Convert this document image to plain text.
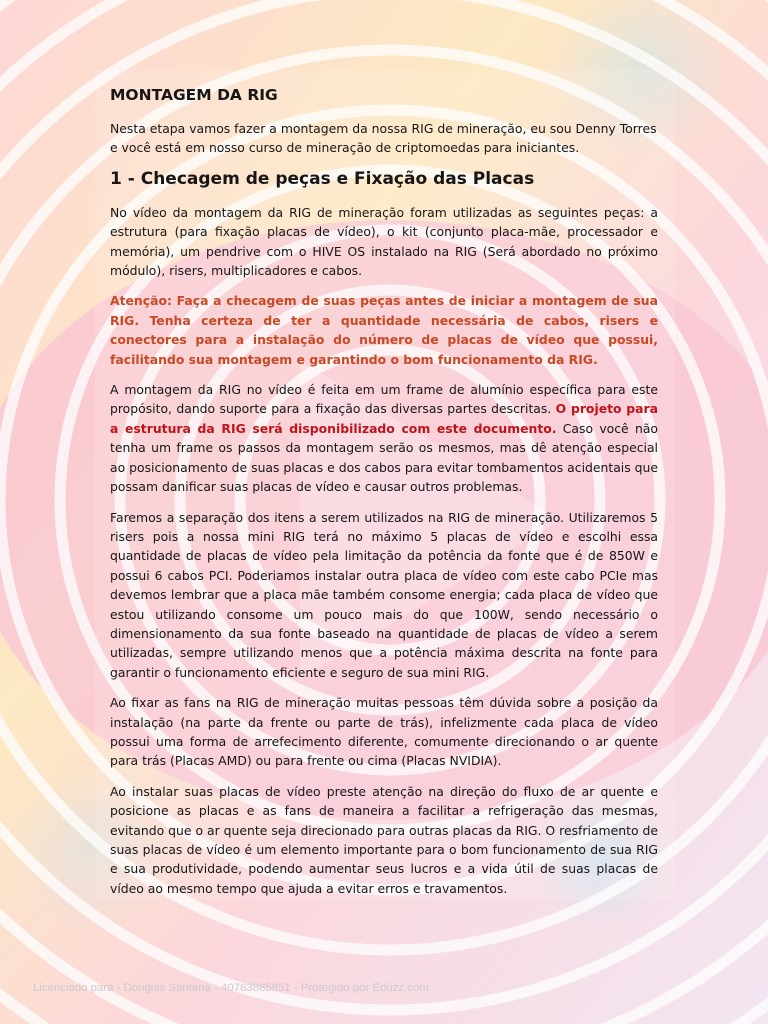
MONTAGEM DA RIG

Nesta etapa vamos fazer a montagem da nossa RIG de mineração, eu sou Denny Torres e você está em nosso curso de mineração de criptomoedas para iniciantes.

1 - Checagem de peças e Fixação das Placas

No vídeo da montagem da RIG de mineração foram utilizadas as seguintes peças: a estrutura (para fixação placas de vídeo), o kit (conjunto placa-mãe, processador e memória), um pendrive com o HIVE OS instalado na RIG (Será abordado no próximo módulo), risers, multiplicadores e cabos.

Atenção: Faça a checagem de suas peças antes de iniciar a montagem de sua RIG. Tenha certeza de ter a quantidade necessária de cabos, risers e conectores para a instalação do número de placas de vídeo que possui, facilitando sua montagem e garantindo o bom funcionamento da RIG.

A montagem da RIG no vídeo é feita em um frame de alumínio específica para este propósito, dando suporte para a fixação das diversas partes descritas. O projeto para a estrutura da RIG será disponibilizado com este documento. Caso você não tenha um frame os passos da montagem serão os mesmos, mas dê atenção especial ao posicionamento de suas placas e dos cabos para evitar tombamentos acidentais que possam danificar suas placas de vídeo e causar outros problemas.

Faremos a separação dos itens a serem utilizados na RIG de mineração. Utilizaremos 5 risers pois a nossa mini RIG terá no máximo 5 placas de vídeo e escolhi essa quantidade de placas de vídeo pela limitação da potência da fonte que é de 850W e possui 6 cabos PCI. Poderiamos instalar outra placa de vídeo com este cabo PCIe mas devemos lembrar que a placa mãe também consome energia; cada placa de vídeo que estou utilizando consome um pouco mais do que 100W, sendo necessário o dimensionamento da sua fonte baseado na quantidade de placas de vídeo a serem utilizadas, sempre utilizando menos que a potência máxima descrita na fonte para garantir o funcionamento eficiente e seguro de sua mini RIG.

Ao fixar as fans na RIG de mineração muitas pessoas têm dúvida sobre a posição da instalação (na parte da frente ou parte de trás), infelizmente cada placa de vídeo possui uma forma de arrefecimento diferente, comumente direcionando o ar quente para trás (Placas AMD) ou para frente ou cima (Placas NVIDIA).

Ao instalar suas placas de vídeo preste atenção na direção do fluxo de ar quente e posicione as placas e as fans de maneira a facilitar a refrigeração das mesmas, evitando que o ar quente seja direcionado para outras placas da RIG. O resfriamento de suas placas de vídeo é um elemento importante para o bom funcionamento de sua RIG e sua produtividade, podendo aumentar seus lucros e a vida útil de suas placas de vídeo ao mesmo tempo que ajuda a evitar erros e travamentos.

Licenciado para - Douglas Santana - 40763885851 - Protegido por Eduzz.com
